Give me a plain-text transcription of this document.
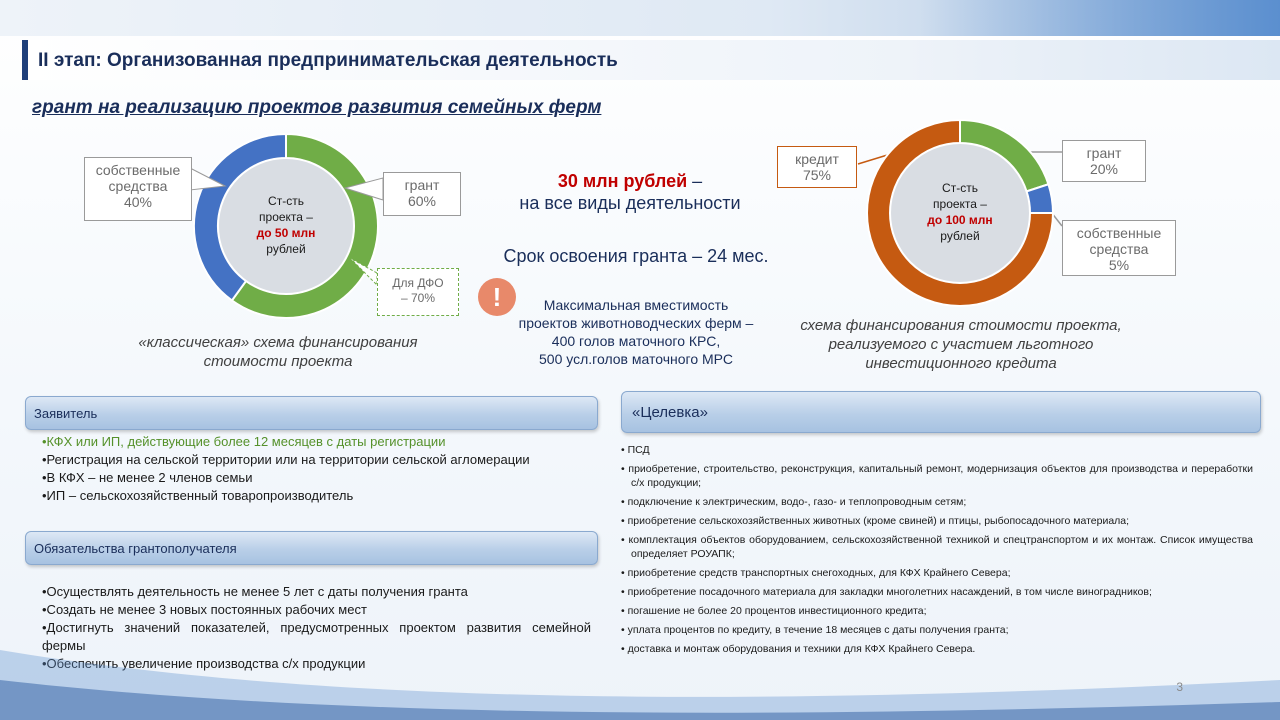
II этап: Организованная предпринимательская деятельность
грант на реализацию проектов развития семейных ферм
Ст-сть
проекта –
до 50 млн
рублей
собственные
средства
40%
грант
60%
Для ДФО
– 70%
«классическая» схема финансирования
стоимости проекта
30 млн рублей –
на все виды деятельности
Срок освоения гранта – 24 мес.
!	Максимальная вместимость
проектов животноводческих ферм –
400 голов маточного КРС,
500 усл.голов маточного МРС
Ст-сть
проекта –
до 100 млн
рублей
кредит
75%
грант
20%
собственные
средства
5%
схема финансирования стоимости проекта,
реализуемого с участием льготного
инвестиционного кредита
Заявитель
•КФХ или ИП, действующие более 12 месяцев с даты регистрации
•Регистрация на сельской территории или на территории сельской агломерации
•В КФХ – не менее 2 членов семьи
•ИП – сельскохозяйственный товаропроизводитель
Обязательства грантополучателя
•Осуществлять деятельность не менее 5 лет с даты получения гранта
•Создать не менее 3 новых постоянных рабочих мест
•Достигнуть значений показателей, предусмотренных проектом развития семейной фермы
•Обеспечить увеличение производства с/х продукции
«Целевка»
• ПСД
• приобретение, строительство, реконструкция, капитальный ремонт, модернизация объектов для производства и переработки с/х продукции;
• подключение к электрическим, водо-, газо- и теплопроводным сетям;
• приобретение сельскохозяйственных животных (кроме свиней) и птицы, рыбопосадочного материала;
• комплектация объектов оборудованием, сельскохозяйственной техникой и спецтранспортом и их монтаж. Список имущества определяет РОУАПК;
• приобретение средств транспортных снегоходных, для КФХ Крайнего Севера;
• приобретение посадочного материала для закладки многолетних насаждений, в том числе виноградников;
• погашение не более 20 процентов инвестиционного кредита;
• уплата процентов по кредиту, в течение 18 месяцев с даты получения гранта;
• доставка и монтаж оборудования и техники для КФХ Крайнего Севера.
3
